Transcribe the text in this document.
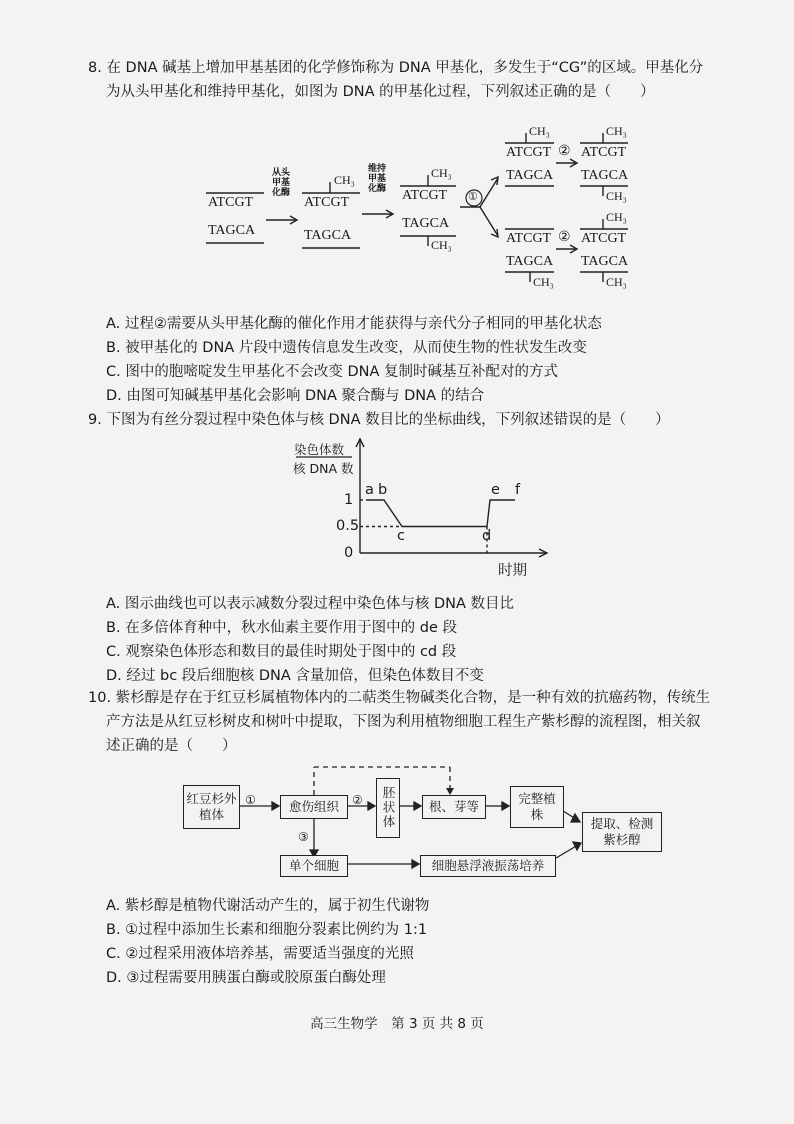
8. 在 DNA 碱基上增加甲基基团的化学修饰称为 DNA 甲基化，多发生于“CG”的区域。甲基化分
为从头甲基化和维持甲基化，如图为 DNA 的甲基化过程，下列叙述正确的是（　　）
ATCGT
TAGCA
从头
甲基
化酶
CH₃
ATCGT
TAGCA
维持
甲基
化酶
CH₃
ATCGT
TAGCA
CH₃
①
CH₃
ATCGT
TAGCA
②
CH₃
ATCGT
TAGCA
CH₃
ATCGT
TAGCA
CH₃
②
CH₃
ATCGT
TAGCA
CH₃
A. 过程②需要从头甲基化酶的催化作用才能获得与亲代分子相同的甲基化状态
B. 被甲基化的 DNA 片段中遗传信息发生改变，从而使生物的性状发生改变
C. 图中的胞嘧啶发生甲基化不会改变 DNA 复制时碱基互补配对的方式
D. 由图可知碱基甲基化会影响 DNA 聚合酶与 DNA 的结合
9. 下图为有丝分裂过程中染色体与核 DNA 数目比的坐标曲线，下列叙述错误的是（　　）
染色体数
核 DNA 数
1
0.5
0
时期
a b
c	d
e f
A. 图示曲线也可以表示减数分裂过程中染色体与核 DNA 数目比
B. 在多倍体育种中，秋水仙素主要作用于图中的 de 段
C. 观察染色体形态和数目的最佳时期处于图中的 cd 段
D. 经过 bc 段后细胞核 DNA 含量加倍，但染色体数目不变
10. 紫杉醇是存在于红豆杉属植物体内的二萜类生物碱类化合物，是一种有效的抗癌药物，传统生
产方法是从红豆杉树皮和树叶中提取，下图为利用植物细胞工程生产紫杉醇的流程图，相关叙
述正确的是（　　）
红豆杉外植体
愈伤组织	胚状体	根、芽等
完整植株
提取、检测紫杉醇
单个细胞	细胞悬浮液振荡培养
①	②
③
A. 紫杉醇是植物代谢活动产生的，属于初生代谢物
B. ①过程中添加生长素和细胞分裂素比例约为 1:1
C. ②过程采用液体培养基，需要适当强度的光照
D. ③过程需要用胰蛋白酶或胶原蛋白酶处理
高三生物学　第 3 页 共 8 页
